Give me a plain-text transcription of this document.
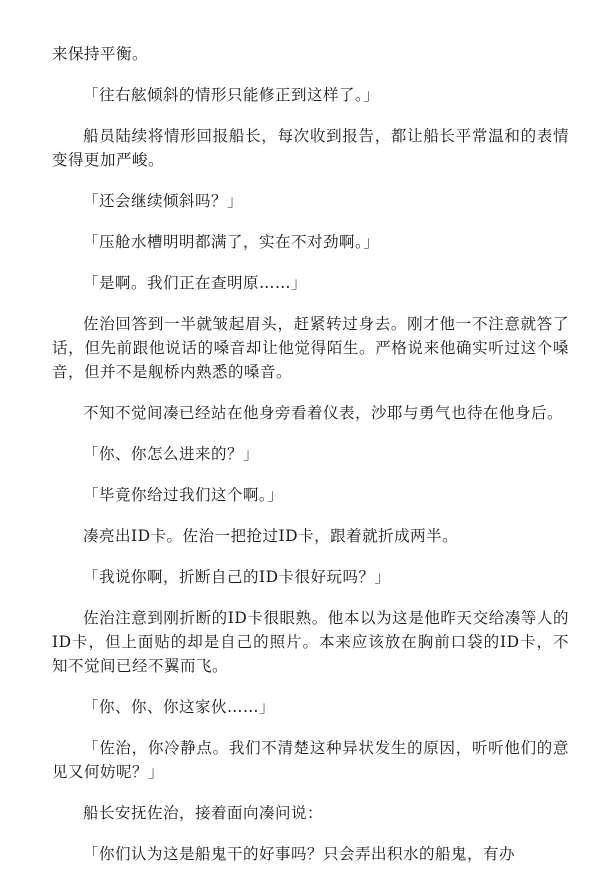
来保持平衡。

「往右舷倾斜的情形只能修正到这样了。」

船员陆续将情形回报船长，每次收到报告，都让船长平常温和的表情变得更加严峻。

「还会继续倾斜吗？」

「压舱水槽明明都满了，实在不对劲啊。」

「是啊。我们正在查明原……」

佐治回答到一半就皱起眉头，赶紧转过身去。刚才他一不注意就答了话，但先前跟他说话的嗓音却让他觉得陌生。严格说来他确实听过这个嗓音，但并不是舰桥内熟悉的嗓音。

不知不觉间凑已经站在他身旁看着仪表，沙耶与勇气也待在他身后。

「你、你怎么进来的？」

「毕竟你给过我们这个啊。」

凑亮出ID卡。佐治一把抢过ID卡，跟着就折成两半。

「我说你啊，折断自己的ID卡很好玩吗？」

佐治注意到刚折断的ID卡很眼熟。他本以为这是他昨天交给凑等人的ID卡，但上面贴的却是自己的照片。本来应该放在胸前口袋的ID卡，不知不觉间已经不翼而飞。

「你、你、你这家伙……」

「佐治，你冷静点。我们不清楚这种异状发生的原因，听听他们的意见又何妨呢？」

船长安抚佐治，接着面向凑问说：

「你们认为这是船鬼干的好事吗？只会弄出积水的船鬼，有办
